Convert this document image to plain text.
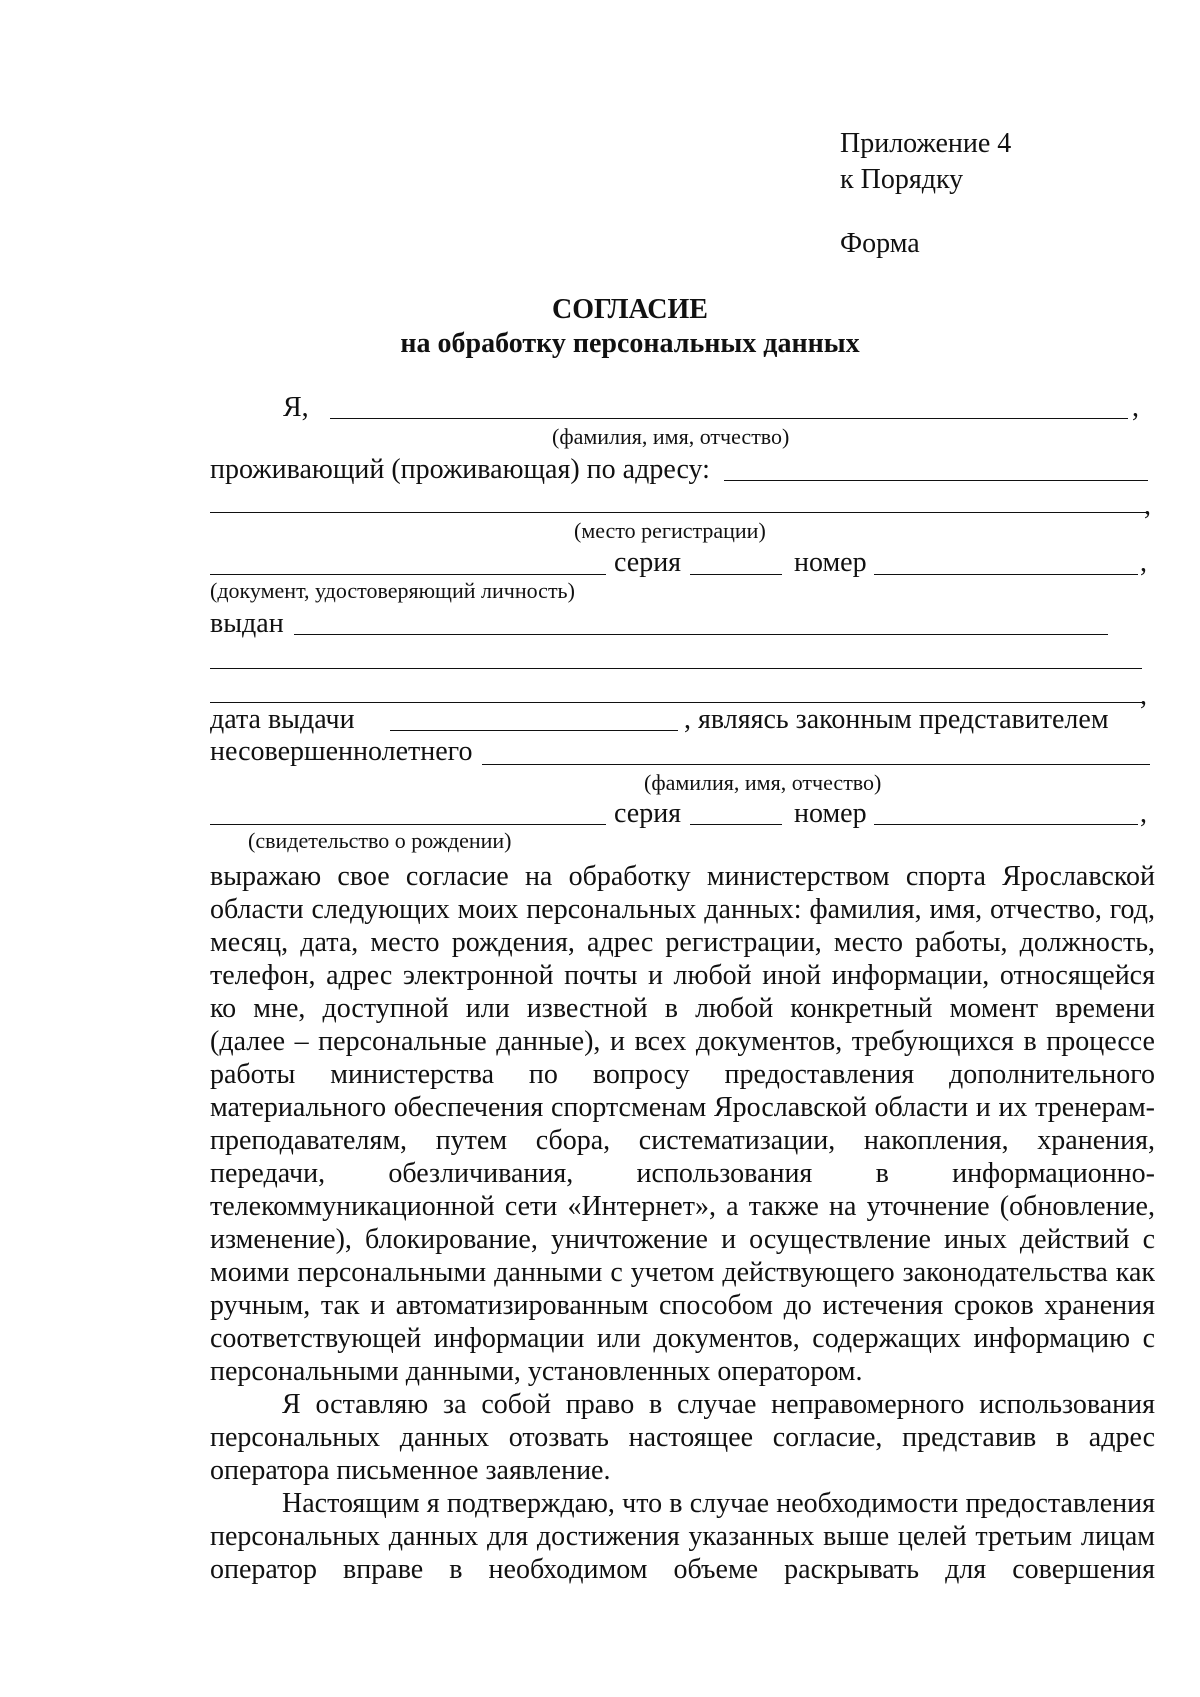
Приложение 4
к Порядку
Форма
СОГЛАСИЕ
на обработку персональных данных
Я,	,
(фамилия, имя, отчество)
проживающий (проживающая) по адресу:
,
(место регистрации)
серия	номер	,
(документ, удостоверяющий личность)
выдан
,
дата выдачи	, являясь законным представителем
несовершеннолетнего
(фамилия, имя, отчество)
серия	номер	,
(свидетельство о рождении)
выражаю свое согласие на обработку министерством спорта Ярославской
области следующих моих персональных данных: фамилия, имя, отчество, год,
месяц, дата, место рождения, адрес регистрации, место работы, должность,
телефон, адрес электронной почты и любой иной информации, относящейся
ко мне, доступной или известной в любой конкретный момент времени
(далее – персональные данные), и всех документов, требующихся в процессе
работы министерства по вопросу предоставления дополнительного
материального обеспечения спортсменам Ярославской области и их тренерам-
преподавателям, путем сбора, систематизации, накопления, хранения,
передачи, обезличивания, использования в информационно-
телекоммуникационной сети «Интернет», а также на уточнение (обновление,
изменение), блокирование, уничтожение и осуществление иных действий с
моими персональными данными с учетом действующего законодательства как
ручным, так и автоматизированным способом до истечения сроков хранения
соответствующей информации или документов, содержащих информацию с
персональными данными, установленных оператором.
Я оставляю за собой право в случае неправомерного использования
персональных данных отозвать настоящее согласие, представив в адрес
оператора письменное заявление.
Настоящим я подтверждаю, что в случае необходимости предоставления
персональных данных для достижения указанных выше целей третьим лицам
оператор вправе в необходимом объеме раскрывать для совершения
